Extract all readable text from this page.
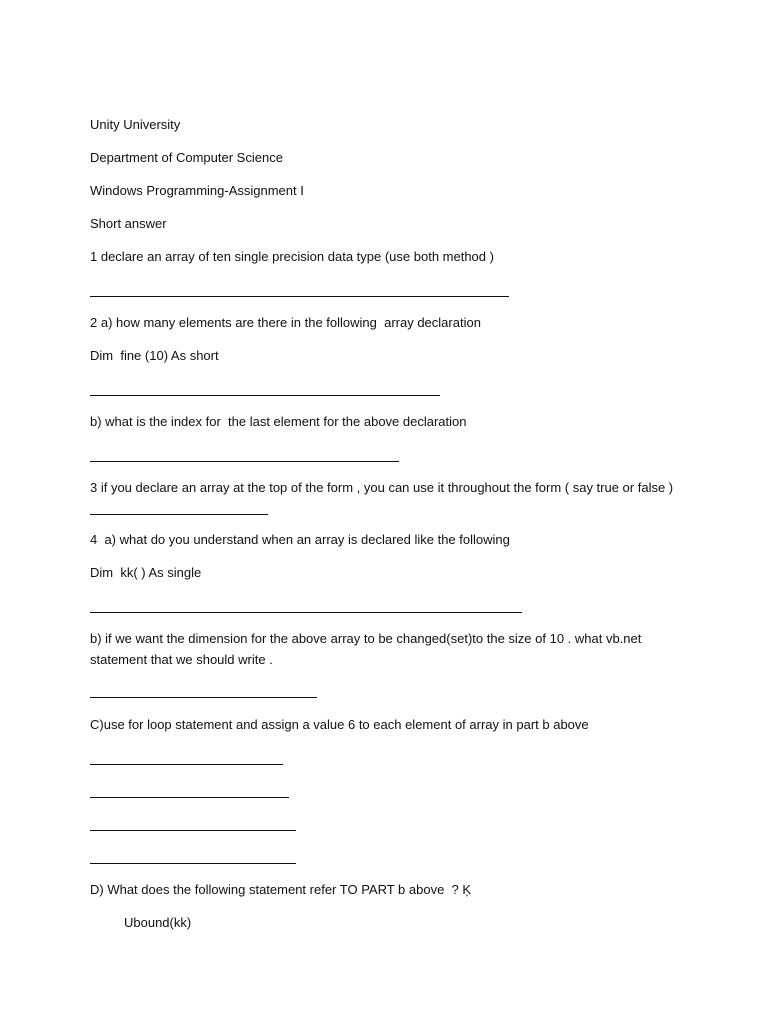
Unity University
Department of Computer Science
Windows Programming-Assignment I
Short answer
1 declare an array of ten single precision data type (use both method )
2 a) how many elements are there in the following  array declaration
Dim  fine (10) As short
b) what is the index for  the last element for the above declaration
3 if you declare an array at the top of the form , you can use it throughout the form ( say true or false )
4  a) what do you understand when an array is declared like the following
Dim  kk( ) As single
b) if we want the dimension for the above array to be changed(set)to the size of 10 . what vb.net statement that we should write .
C)use for loop statement and assign a value 6 to each element of array in part b above
D) What does the following statement refer TO PART b above  ? Ķ
Ubound(kk)
